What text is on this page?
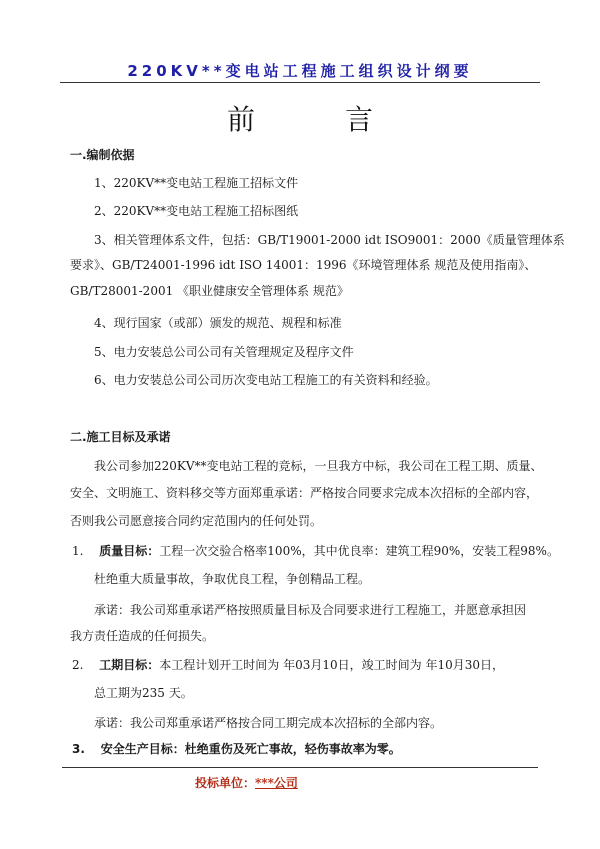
220KV**变电站工程施工组织设计纲要
前言
一.编制依据
1、220KV**变电站工程施工招标文件
2、220KV**变电站工程施工招标图纸
3、相关管理体系文件，包括：GB/T19001-2000 idt ISO9001：2000《质量管理体系
要求》、GB/T24001-1996 idt ISO 14001：1996《环境管理体系 规范及使用指南》、
GB/T28001-2001 《职业健康安全管理体系 规范》
4、现行国家（或部）颁发的规范、规程和标准
5、电力安装总公司公司有关管理规定及程序文件
6、电力安装总公司公司历次变电站工程施工的有关资料和经验。
二.施工目标及承诺
我公司参加220KV**变电站工程的竞标，一旦我方中标，我公司在工程工期、质量、
安全、文明施工、资料移交等方面郑重承诺：严格按合同要求完成本次招标的全部内容，
否则我公司愿意接合同约定范围内的任何处罚。
1. 质量目标：工程一次交验合格率100%，其中优良率：建筑工程90%，安装工程98%。
杜绝重大质量事故，争取优良工程，争创精品工程。
承诺：我公司郑重承诺严格按照质量目标及合同要求进行工程施工，并愿意承担因
我方责任造成的任何损失。
2. 工期目标：本工程计划开工时间为 年03月10日，竣工时间为 年10月30日，
总工期为235 天。
承诺：我公司郑重承诺严格按合同工期完成本次招标的全部内容。
3. 安全生产目标：杜绝重伤及死亡事故，轻伤事故率为零。
投标单位：***公司
